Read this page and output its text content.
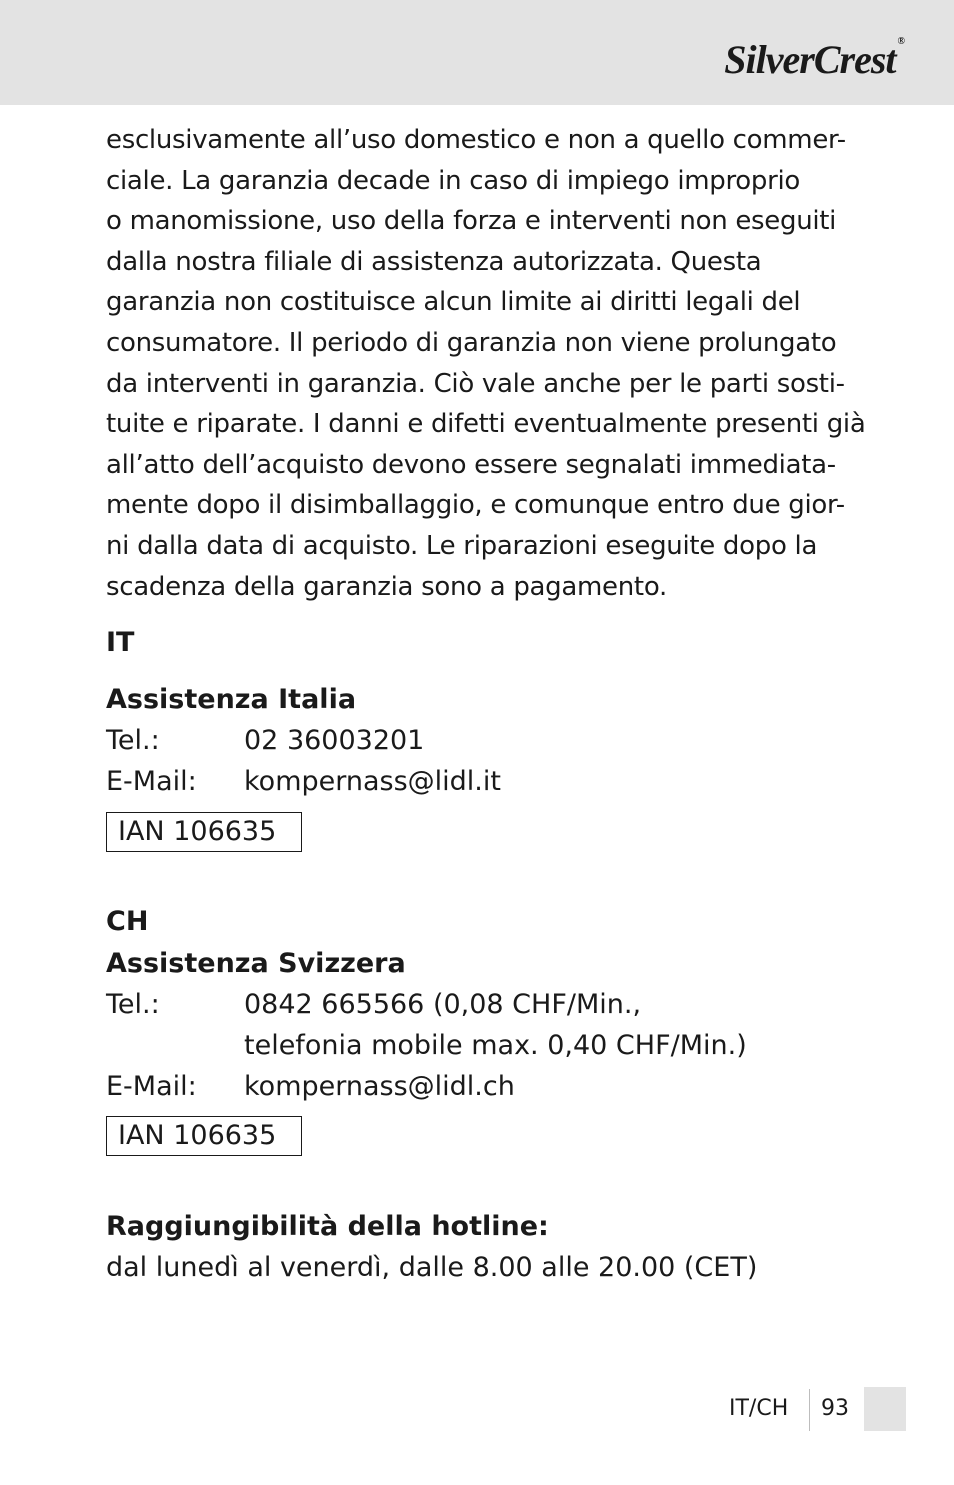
SilverCrest ®

esclusivamente all’uso domestico e non a quello commer-
ciale. La garanzia decade in caso di impiego improprio
o manomissione, uso della forza e interventi non eseguiti
dalla nostra filiale di assistenza autorizzata. Questa
garanzia non costituisce alcun limite ai diritti legali del
consumatore. Il periodo di garanzia non viene prolungato
da interventi in garanzia. Ciò vale anche per le parti sosti-
tuite e riparate. I danni e difetti eventualmente presenti già
all’atto dell’acquisto devono essere segnalati immediata-
mente dopo il disimballaggio, e comunque entro due gior-
ni dalla data di acquisto. Le riparazioni eseguite dopo la
scadenza della garanzia sono a pagamento.

IT
Assistenza Italia
Tel.:	02 36003201
E-Mail: kompernass@lidl.it
IAN 106635
CH
Assistenza Svizzera
Tel.:	0842 665566 (0,08 CHF/Min.,
telefonia mobile max. 0,40 CHF/Min.)
E-Mail: kompernass@lidl.ch
IAN 106635
Raggiungibilità della hotline:
dal lunedì al venerdì, dalle 8.00 alle 20.00 (CET)
IT/CH 93
